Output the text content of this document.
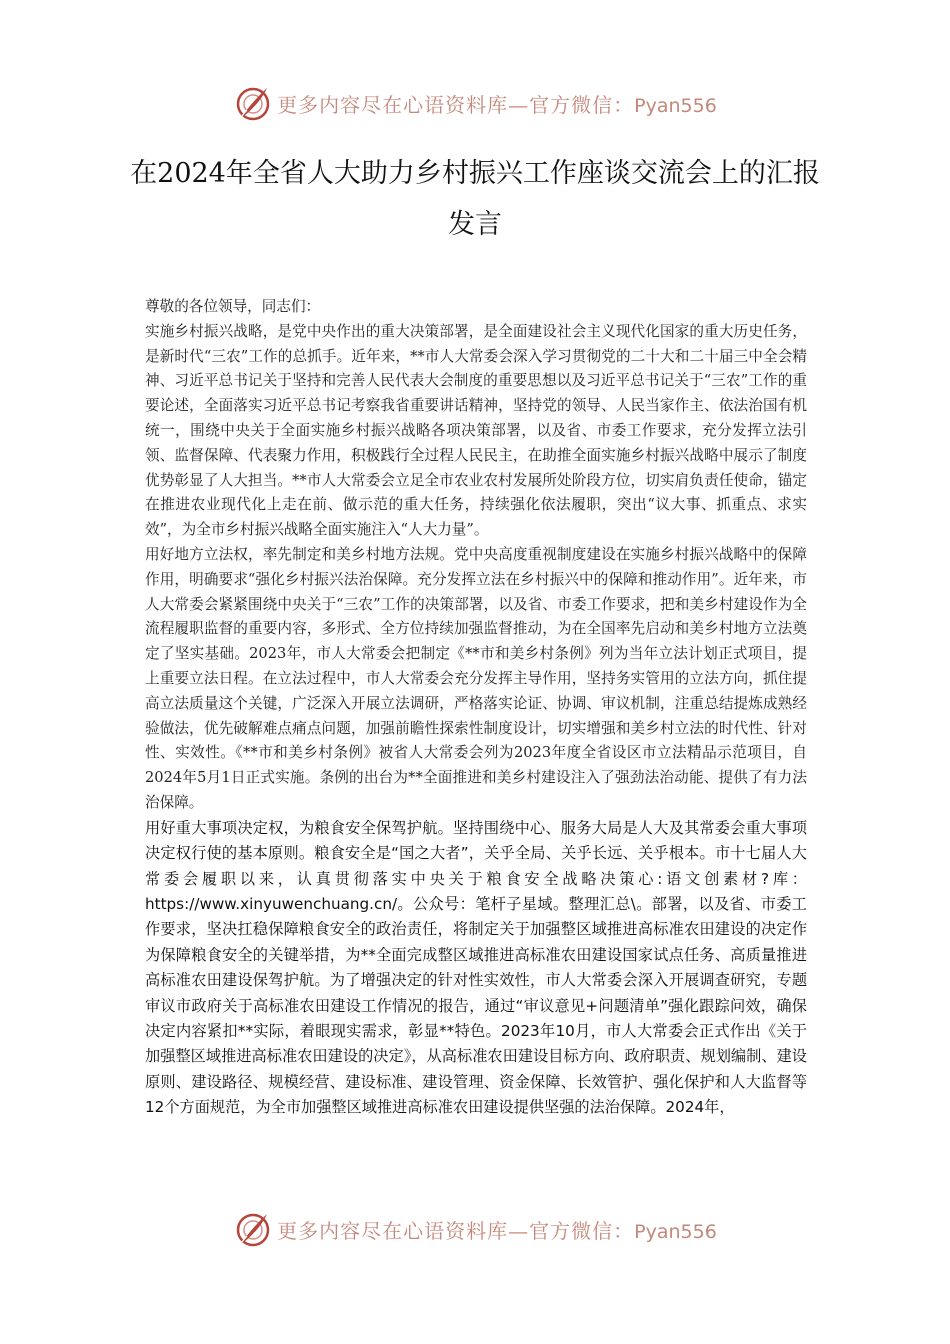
更多内容尽在心语资料库—官方微信：Pyan556
在2024年全省人大助力乡村振兴工作座谈交流会上的汇报发言

尊敬的各位领导，同志们：

实施乡村振兴战略，是党中央作出的重大决策部署，是全面建设社会主义现代化国家的重大历史任务，是新时代“三农”工作的总抓手。近年来，**市人大常委会深入学习贯彻党的二十大和二十届三中全会精神、习近平总书记关于坚持和完善人民代表大会制度的重要思想以及习近平总书记关于“三农”工作的重要论述，全面落实习近平总书记考察我省重要讲话精神，坚持党的领导、人民当家作主、依法治国有机统一，围绕中央关于全面实施乡村振兴战略各项决策部署，以及省、市委工作要求，充分发挥立法引领、监督保障、代表聚力作用，积极践行全过程人民民主，在助推全面实施乡村振兴战略中展示了制度优势彰显了人大担当。**市人大常委会立足全市农业农村发展所处阶段方位，切实肩负责任使命，锚定在推进农业现代化上走在前、做示范的重大任务，持续强化依法履职，突出“议大事、抓重点、求实效”，为全市乡村振兴战略全面实施注入“人大力量”。

用好地方立法权，率先制定和美乡村地方法规。党中央高度重视制度建设在实施乡村振兴战略中的保障作用，明确要求“强化乡村振兴法治保障。充分发挥立法在乡村振兴中的保障和推动作用”。近年来，市人大常委会紧紧围绕中央关于“三农”工作的决策部署，以及省、市委工作要求，把和美乡村建设作为全流程履职监督的重要内容，多形式、全方位持续加强监督推动，为在全国率先启动和美乡村地方立法奠定了坚实基础。2023年，市人大常委会把制定《**市和美乡村条例》列为当年立法计划正式项目，提上重要立法日程。在立法过程中，市人大常委会充分发挥主导作用，坚持务实管用的立法方向，抓住提高立法质量这个关键，广泛深入开展立法调研，严格落实论证、协调、审议机制，注重总结提炼成熟经验做法，优先破解难点痛点问题，加强前瞻性探索性制度设计，切实增强和美乡村立法的时代性、针对性、实效性。《**市和美乡村条例》被省人大常委会列为2023年度全省设区市立法精品示范项目，自2024年5月1日正式实施。条例的出台为**全面推进和美乡村建设注入了强劲法治动能、提供了有力法治保障。

用好重大事项决定权，为粮食安全保驾护航。坚持围绕中心、服务大局是人大及其常委会重大事项决定权行使的基本原则。粮食安全是“国之大者”，关乎全局、关乎长远、关乎根本。市十七届人大常委会履职以来，认真贯彻落实中央关于粮食安全战略决策心:语文创素材?库：https://www.xinyuwenchuang.cn/。公众号：笔杆子星域。整理汇总\。部署，以及省、市委工作要求，坚决扛稳保障粮食安全的政治责任，将制定关于加强整区域推进高标准农田建设的决定作为保障粮食安全的关键举措，为**全面完成整区域推进高标准农田建设国家试点任务、高质量推进高标准农田建设保驾护航。为了增强决定的针对性实效性，市人大常委会深入开展调查研究，专题审议市政府关于高标准农田建设工作情况的报告，通过“审议意见+问题清单”强化跟踪问效，确保决定内容紧扣**实际，着眼现实需求，彰显**特色。2023年10月，市人大常委会正式作出《关于加强整区域推进高标准农田建设的决定》，从高标准农田建设目标方向、政府职责、规划编制、建设原则、建设路径、规模经营、建设标准、建设管理、资金保障、长效管护、强化保护和人大监督等12个方面规范，为全市加强整区域推进高标准农田建设提供坚强的法治保障。2024年，

更多内容尽在心语资料库—官方微信：Pyan556
